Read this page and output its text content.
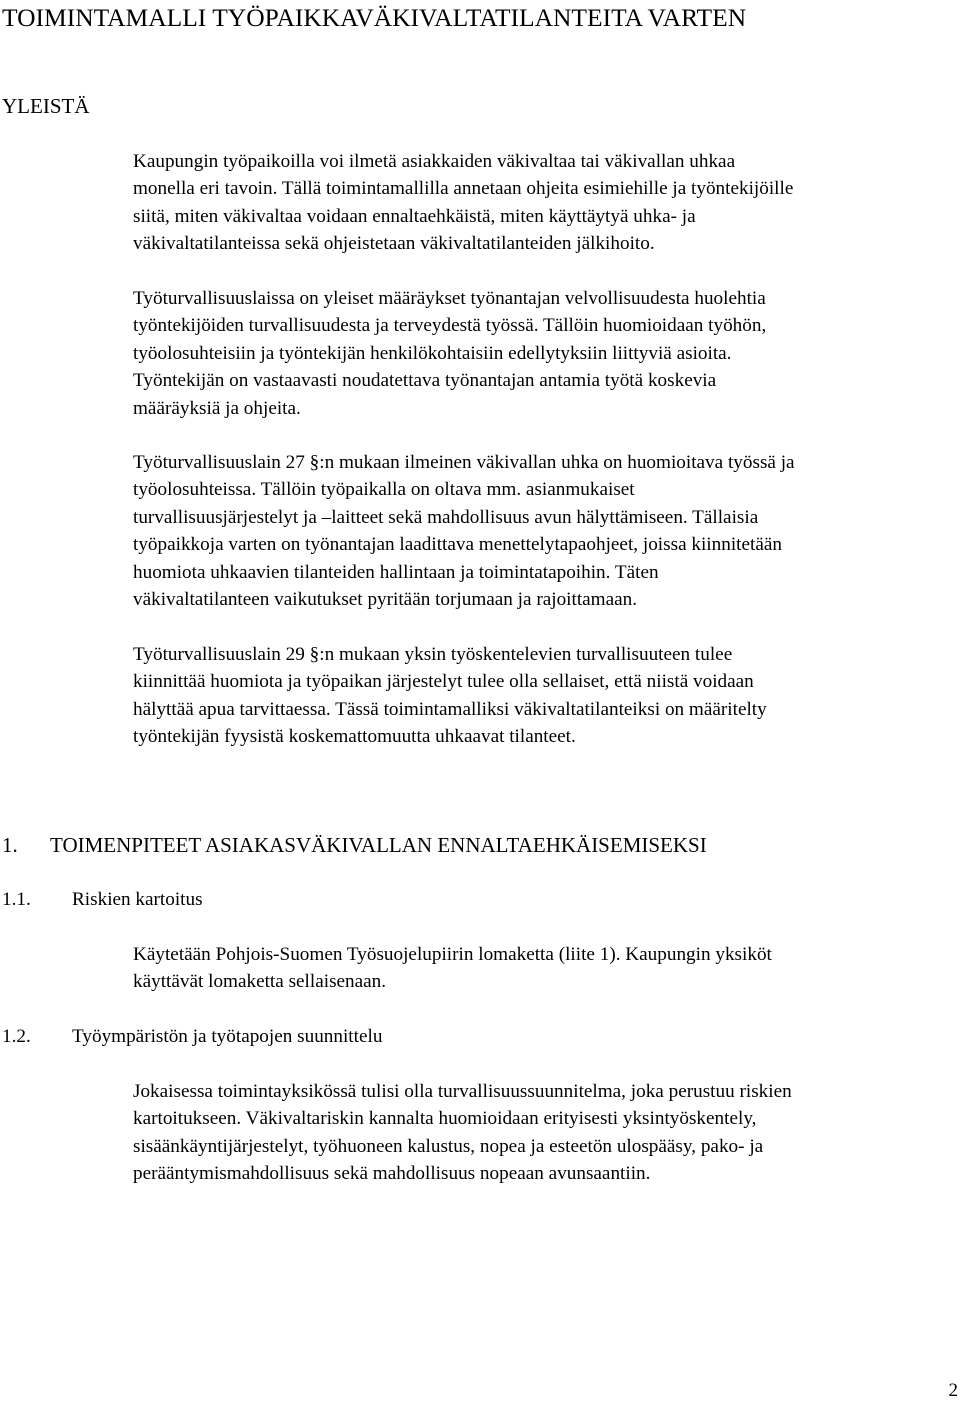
TOIMINTAMALLI TYÖPAIKKAVÄKIVALTATILANTEITA VARTEN
YLEISTÄ
Kaupungin työpaikoilla voi ilmetä asiakkaiden väkivaltaa tai väkivallan uhkaa
monella eri tavoin. Tällä toimintamallilla annetaan ohjeita esimiehille ja työntekijöille
siitä, miten väkivaltaa voidaan ennaltaehkäistä, miten käyttäytyä uhka- ja
väkivaltatilanteissa sekä ohjeistetaan väkivaltatilanteiden jälkihoito.
Työturvallisuuslaissa on yleiset määräykset työnantajan velvollisuudesta huolehtia
työntekijöiden turvallisuudesta ja terveydestä työssä. Tällöin huomioidaan työhön,
työolosuhteisiin ja työntekijän henkilökohtaisiin edellytyksiin liittyviä asioita.
Työntekijän on vastaavasti noudatettava työnantajan antamia työtä koskevia
määräyksiä ja ohjeita.
Työturvallisuuslain 27 §:n mukaan ilmeinen väkivallan uhka on huomioitava työssä ja
työolosuhteissa. Tällöin työpaikalla on oltava mm. asianmukaiset
turvallisuusjärjestelyt ja –laitteet sekä mahdollisuus avun hälyttämiseen. Tällaisia
työpaikkoja varten on työnantajan laadittava menettelytapaohjeet, joissa kiinnitetään
huomiota uhkaavien tilanteiden hallintaan ja toimintatapoihin. Täten
väkivaltatilanteen vaikutukset pyritään torjumaan ja rajoittamaan.
Työturvallisuuslain 29 §:n mukaan yksin työskentelevien turvallisuuteen tulee
kiinnittää huomiota ja työpaikan järjestelyt tulee olla sellaiset, että niistä voidaan
hälyttää apua tarvittaessa. Tässä toimintamalliksi väkivaltatilanteiksi on määritelty
työntekijän fyysistä koskemattomuutta uhkaavat tilanteet.
1. TOIMENPITEET ASIAKASVÄKIVALLAN ENNALTAEHKÄISEMISEKSI
1.1. Riskien kartoitus
Käytetään Pohjois-Suomen Työsuojelupiirin lomaketta (liite 1). Kaupungin yksiköt
käyttävät lomaketta sellaisenaan.
1.2. Työympäristön ja työtapojen suunnittelu
Jokaisessa toimintayksikössä tulisi olla turvallisuussuunnitelma, joka perustuu riskien
kartoitukseen. Väkivaltariskin kannalta huomioidaan erityisesti yksintyöskentely,
sisäänkäyntijärjestelyt, työhuoneen kalustus, nopea ja esteetön ulospääsy, pako- ja
perääntymismahdollisuus sekä mahdollisuus nopeaan avunsaantiin.
2
